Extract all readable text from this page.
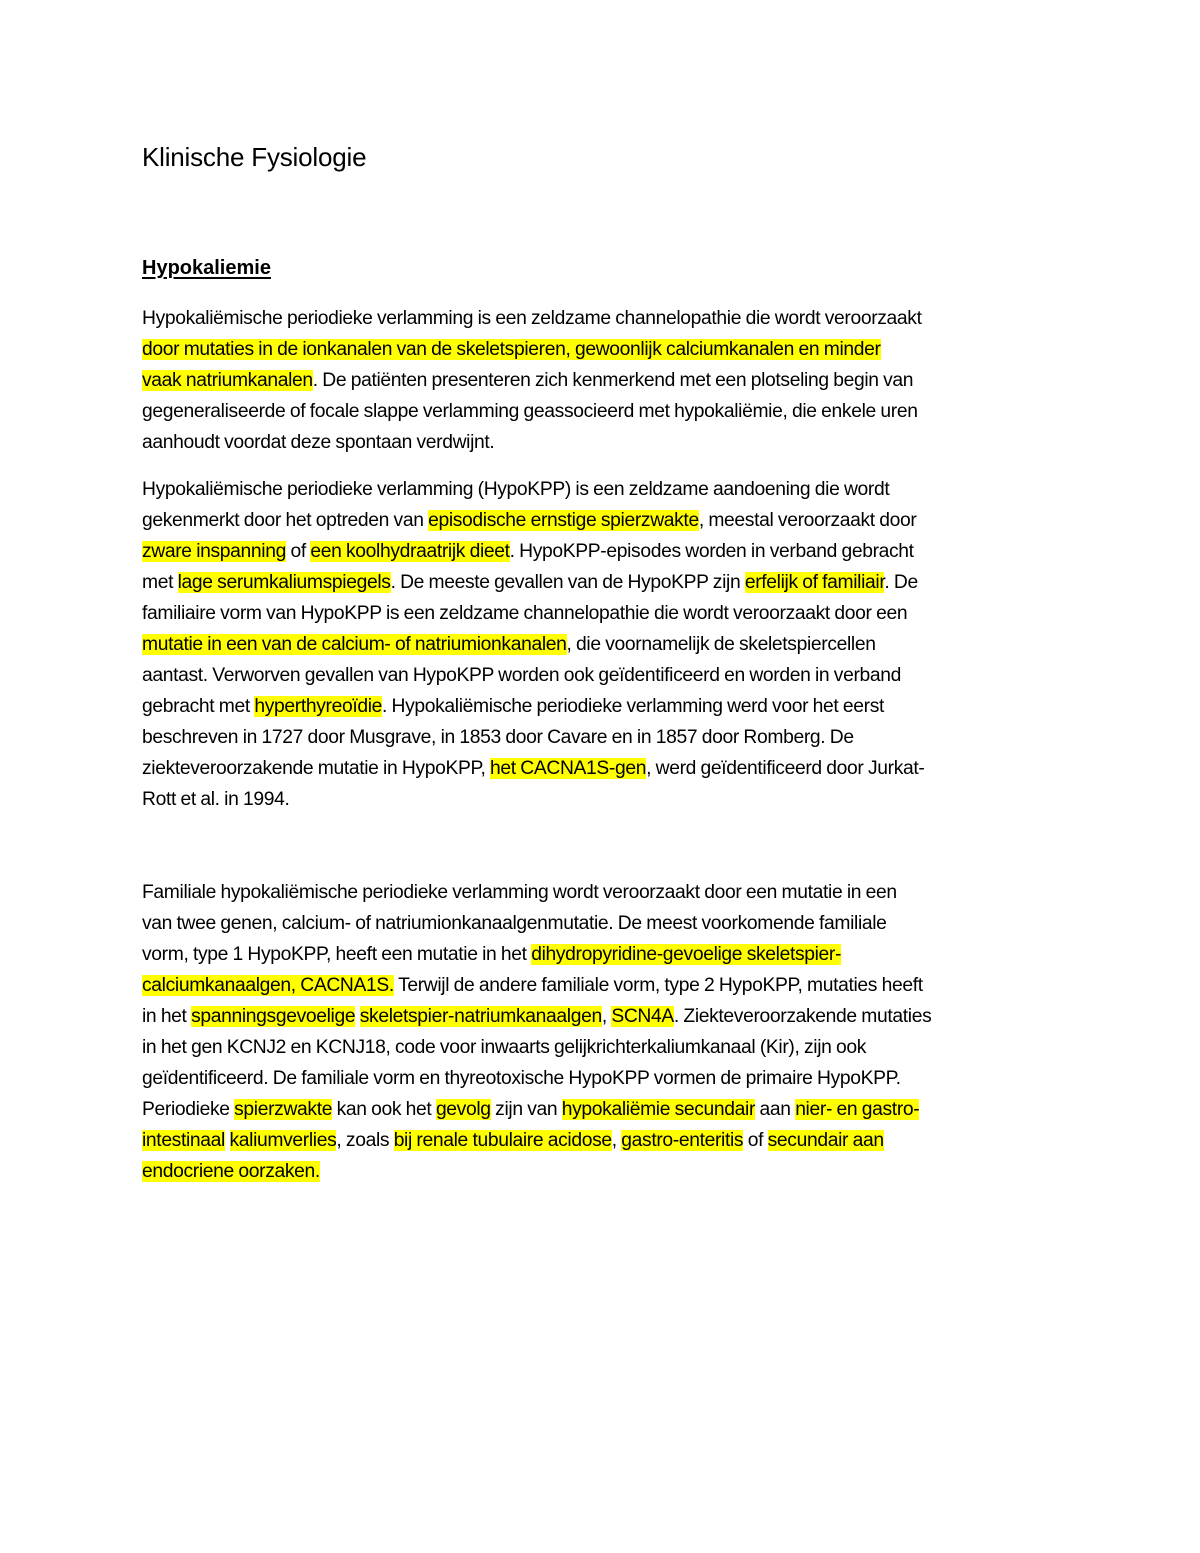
Klinische Fysiologie
Hypokaliemie

Hypokaliëmische periodieke verlamming is een zeldzame channelopathie die wordt veroorzaakt
door mutaties in de ionkanalen van de skeletspieren, gewoonlijk calciumkanalen en minder
vaak natriumkanalen. De patiënten presenteren zich kenmerkend met een plotseling begin van
gegeneraliseerde of focale slappe verlamming geassocieerd met hypokaliëmie, die enkele uren
aanhoudt voordat deze spontaan verdwijnt.

Hypokaliëmische periodieke verlamming (HypoKPP) is een zeldzame aandoening die wordt
gekenmerkt door het optreden van episodische ernstige spierzwakte, meestal veroorzaakt door
zware inspanning of een koolhydraatrijk dieet. HypoKPP-episodes worden in verband gebracht
met lage serumkaliumspiegels. De meeste gevallen van de HypoKPP zijn erfelijk of familiair. De
familiaire vorm van HypoKPP is een zeldzame channelopathie die wordt veroorzaakt door een
mutatie in een van de calcium- of natriumionkanalen, die voornamelijk de skeletspiercellen
aantast. Verworven gevallen van HypoKPP worden ook geïdentificeerd en worden in verband
gebracht met hyperthyreoïdie. Hypokaliëmische periodieke verlamming werd voor het eerst
beschreven in 1727 door Musgrave, in 1853 door Cavare en in 1857 door Romberg. De
ziekteveroorzakende mutatie in HypoKPP, het CACNA1S-gen, werd geïdentificeerd door Jurkat-
Rott et al. in 1994.

Familiale hypokaliëmische periodieke verlamming wordt veroorzaakt door een mutatie in een
van twee genen, calcium- of natriumionkanaalgenmutatie. De meest voorkomende familiale
vorm, type 1 HypoKPP, heeft een mutatie in het dihydropyridine-gevoelige skeletspier-
calciumkanaalgen, CACNA1S. Terwijl de andere familiale vorm, type 2 HypoKPP, mutaties heeft
in het spanningsgevoelige skeletspier-natriumkanaalgen, SCN4A. Ziekteveroorzakende mutaties
in het gen KCNJ2 en KCNJ18, code voor inwaarts gelijkrichterkaliumkanaal (Kir), zijn ook
geïdentificeerd. De familiale vorm en thyreotoxische HypoKPP vormen de primaire HypoKPP.
Periodieke spierzwakte kan ook het gevolg zijn van hypokaliëmie secundair aan nier- en gastro-
intestinaal kaliumverlies, zoals bij renale tubulaire acidose, gastro-enteritis of secundair aan
endocriene oorzaken.
